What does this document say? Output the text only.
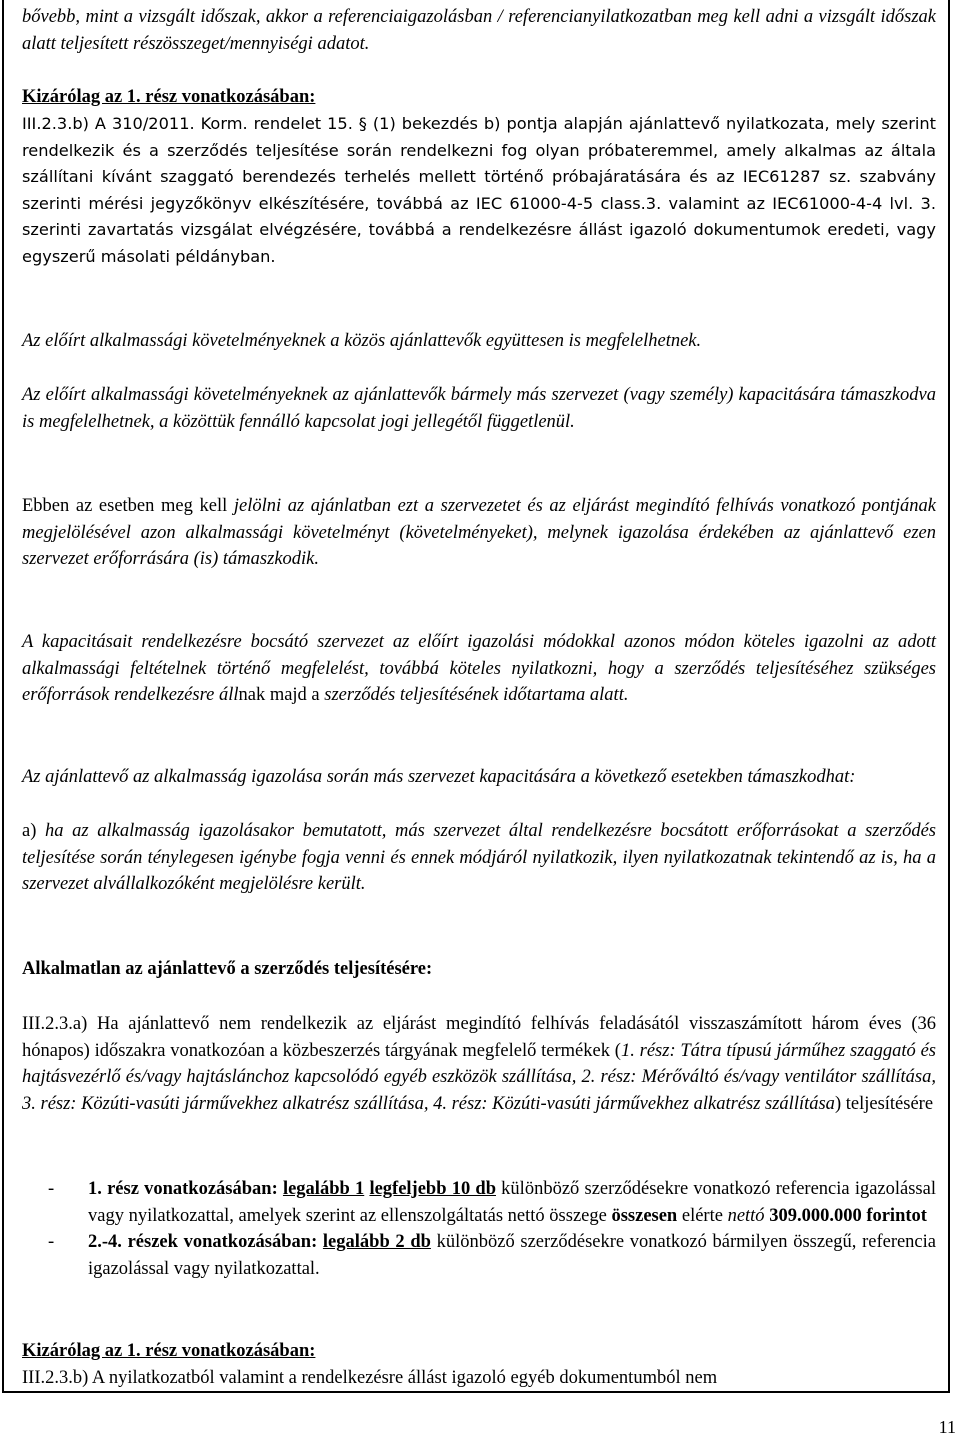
bővebb, mint a vizsgált időszak, akkor a referenciaigazolásban / referencianyilatkozatban meg kell adni a vizsgált időszak alatt teljesített részösszeget/mennyiségi adatot.

Kizárólag az 1. rész vonatkozásában:

III.2.3.b) A 310/2011. Korm. rendelet 15. § (1) bekezdés b) pontja alapján ajánlattevő nyilatkozata, mely szerint rendelkezik és a szerződés teljesítése során rendelkezni fog olyan próbateremmel, amely alkalmas az általa szállítani kívánt szaggató berendezés terhelés mellett történő próbajáratására és az IEC61287 sz. szabvány szerinti mérési jegyzőkönyv elkészítésére, továbbá az IEC 61000-4-5 class.3. valamint az IEC61000-4-4 lvl. 3. szerinti zavartatás vizsgálat elvégzésére, továbbá a rendelkezésre állást igazoló dokumentumok eredeti, vagy egyszerű másolati példányban.

Az előírt alkalmassági követelményeknek a közös ajánlattevők együttesen is megfelelhetnek.

Az előírt alkalmassági követelményeknek az ajánlattevők bármely más szervezet (vagy személy) kapacitására támaszkodva is megfelelhetnek, a közöttük fennálló kapcsolat jogi jellegétől függetlenül.

Ebben az esetben meg kell jelölni az ajánlatban ezt a szervezetet és az eljárást megindító felhívás vonatkozó pontjának megjelölésével azon alkalmassági követelményt (követelményeket), melynek igazolása érdekében az ajánlattevő ezen szervezet erőforrására (is) támaszkodik.

A kapacitásait rendelkezésre bocsátó szervezet az előírt igazolási módokkal azonos módon köteles igazolni az adott alkalmassági feltételnek történő megfelelést, továbbá köteles nyilatkozni, hogy a szerződés teljesítéséhez szükséges erőforrások rendelkezésre állnak majd a szerződés teljesítésének időtartama alatt.

Az ajánlattevő az alkalmasság igazolása során más szervezet kapacitására a következő esetekben támaszkodhat:

a) ha az alkalmasság igazolásakor bemutatott, más szervezet által rendelkezésre bocsátott erőforrásokat a szerződés teljesítése során ténylegesen igénybe fogja venni és ennek módjáról nyilatkozik, ilyen nyilatkozatnak tekintendő az is, ha a szervezet alvállalkozóként megjelölésre került.

Alkalmatlan az ajánlattevő a szerződés teljesítésére:

III.2.3.a) Ha ajánlattevő nem rendelkezik az eljárást megindító felhívás feladásától visszaszámított három éves (36 hónapos) időszakra vonatkozóan a közbeszerzés tárgyának megfelelő termékek (1. rész: Tátra típusú járműhez szaggató és hajtásvezérlő és/vagy hajtáslánchoz kapcsolódó egyéb eszközök szállítása, 2. rész: Mérőváltó és/vagy ventilátor szállítása, 3. rész: Közúti-vasúti járművekhez alkatrész szállítása, 4. rész: Közúti-vasúti járművekhez alkatrész szállítása) teljesítésére

- 1. rész vonatkozásában: legalább 1 legfeljebb 10 db különböző szerződésekre vonatkozó referencia igazolással vagy nyilatkozattal, amelyek szerint az ellenszolgáltatás nettó összege összesen elérte nettó 309.000.000 forintot
- 2.-4. részek vonatkozásában: legalább 2 db különböző szerződésekre vonatkozó bármilyen összegű, referencia igazolással vagy nyilatkozattal.

Kizárólag az 1. rész vonatkozásában:

III.2.3.b) A nyilatkozatból valamint a rendelkezésre állást igazoló egyéb dokumentumból nem

11
